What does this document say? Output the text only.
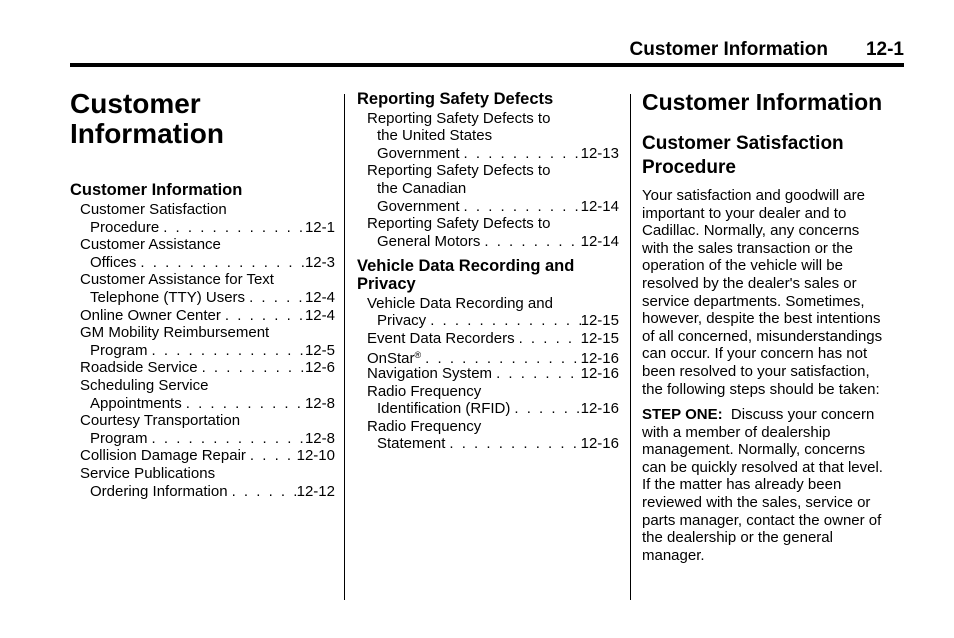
Customer Information	12-1
Customer
Information
Customer Information
Customer Satisfaction
Procedure . . .	12-1
Customer Assistance
Offices . . .	12-3
Customer Assistance for Text
Telephone (TTY) Users . . .	12-4
Online Owner Center . . .	12-4
GM Mobility Reimbursement
Program . . .	12-5
Roadside Service . . .	12-6
Scheduling Service
Appointments . . .	12-8
Courtesy Transportation
Program . . .	12-8
Collision Damage Repair . . .	12-10
Service Publications
Ordering Information . . .	12-12
Reporting Safety Defects
Reporting Safety Defects to
the United States
Government . . .	12-13
Reporting Safety Defects to
the Canadian
Government . . .	12-14
Reporting Safety Defects to
General Motors . . .	12-14
Vehicle Data Recording and
Privacy
Vehicle Data Recording and
Privacy . . .	12-15
Event Data Recorders . . .	12-15
OnStar® . . .	12-16
Navigation System . . .	12-16
Radio Frequency
Identification (RFID) . . .	12-16
Radio Frequency
Statement . . .	12-16
Customer Information
Customer Satisfaction
Procedure

Your satisfaction and goodwill are
important to your dealer and to
Cadillac. Normally, any concerns
with the sales transaction or the
operation of the vehicle will be
resolved by the dealer's sales or
service departments. Sometimes,
however, despite the best intentions
of all concerned, misunderstandings
can occur. If your concern has not
been resolved to your satisfaction,
the following steps should be taken:

STEP ONE: Discuss your concern
with a member of dealership
management. Normally, concerns
can be quickly resolved at that level.
If the matter has already been
reviewed with the sales, service or
parts manager, contact the owner of
the dealership or the general
manager.
